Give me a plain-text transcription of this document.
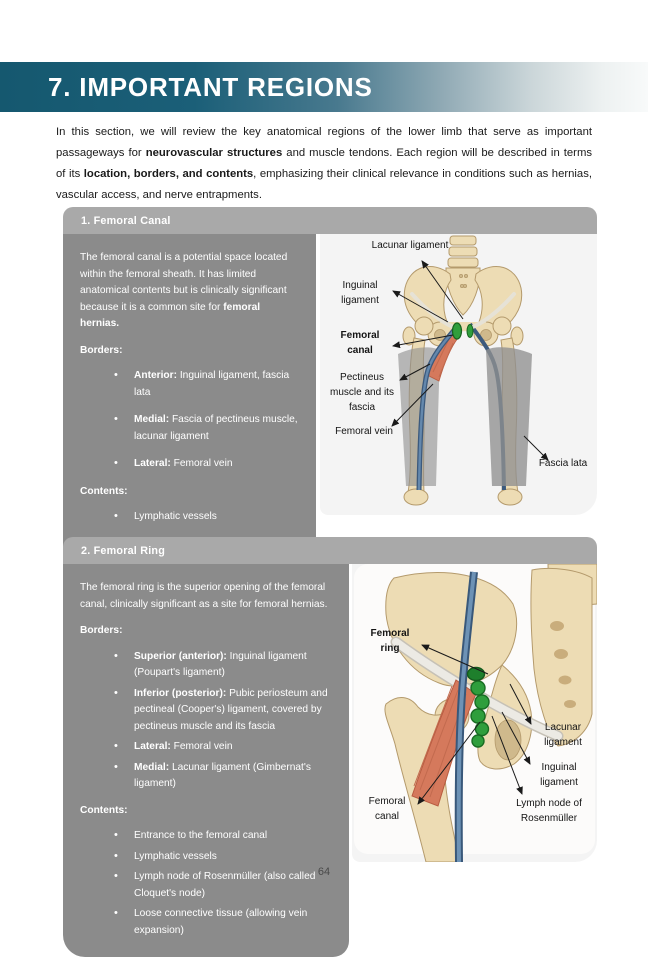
7. IMPORTANT REGIONS

In this section, we will review the key anatomical regions of the lower limb that serve as important passageways for neurovascular structures and muscle tendons. Each region will be described in terms of its location, borders, and contents, emphasizing their clinical relevance in conditions such as hernias, vascular access, and nerve entrapments.

1. Femoral Canal

The femoral canal is a potential space located within the femoral sheath. It has limited anatomical contents but is clinically significant because it is a common site for femoral hernias.

Borders:
• Anterior: Inguinal ligament, fascia lata
• Medial: Fascia of pectineus muscle, lacunar ligament
• Lateral: Femoral vein
Contents:
• Lymphatic vessels
•
Lacunar ligament
Inguinal ligament
Femoral canal
Pectineus muscle and its fascia
Femoral vein
Fascia lata
2. Femoral Ring

The femoral ring is the superior opening of the femoral canal, clinically significant as a site for femoral hernias.

Borders:
• Superior (anterior): Inguinal ligament (Poupart's ligament)
• Inferior (posterior): Pubic periosteum and pectineal (Cooper's) ligament, covered by pectineus muscle and its fascia
• Lateral: Femoral vein
• Medial: Lacunar ligament (Gimbernat's ligament)
Contents:
• Entrance to the femoral canal
• Lymphatic vessels
• Lymph node of Rosenmüller (also called Cloquet's node)
• Loose connective tissue (allowing vein expansion)
Femoral ring
Lacunar ligament
Inguinal ligament
Lymph node of Rosenmüller
Femoral canal
64
